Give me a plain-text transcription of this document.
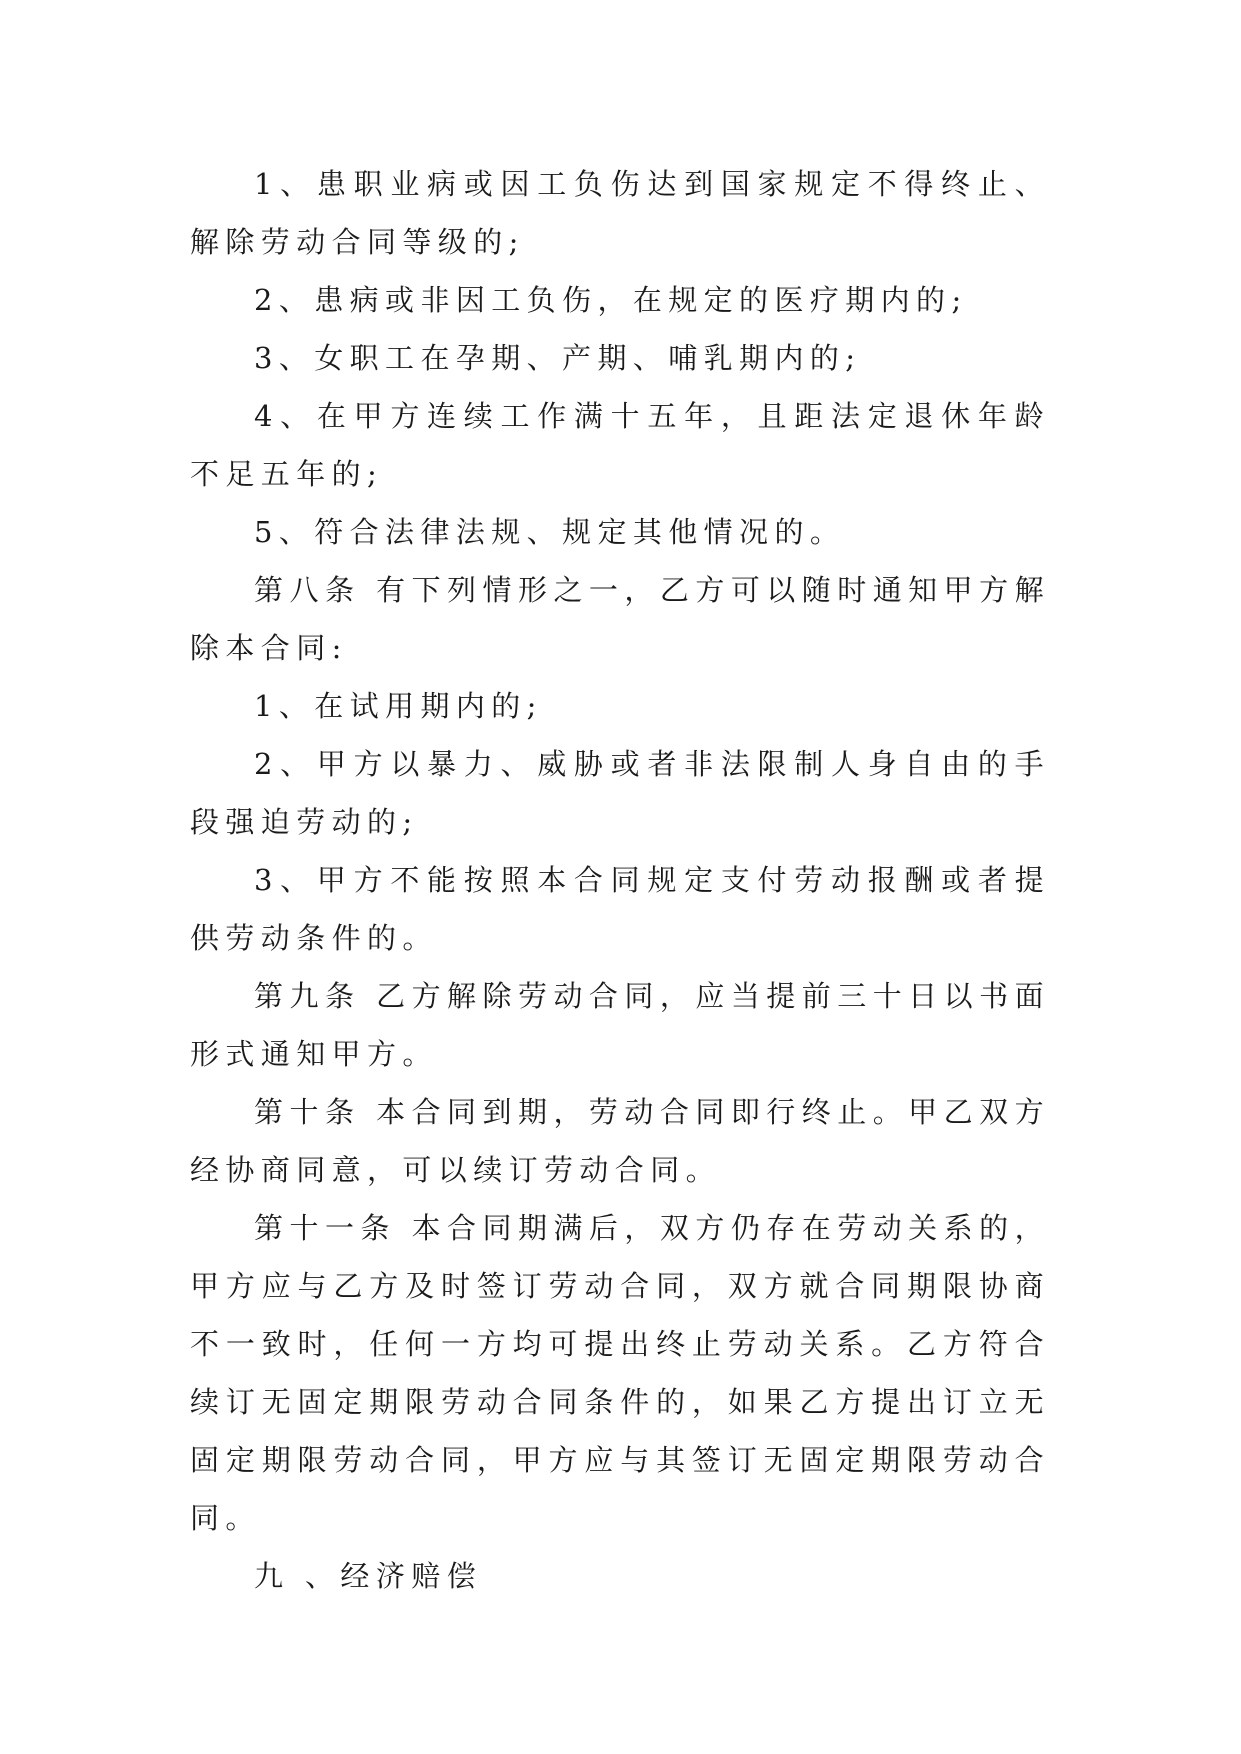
1、患职业病或因工负伤达到国家规定不得终止、解除劳动合同等级的;

2、患病或非因工负伤，在规定的医疗期内的;

3、女职工在孕期、产期、哺乳期内的;

4、在甲方连续工作满十五年，且距法定退休年龄不足五年的;

5、符合法律法规、规定其他情况的。

第八条 有下列情形之一，乙方可以随时通知甲方解除本合同:

1、在试用期内的;

2、甲方以暴力、威胁或者非法限制人身自由的手段强迫劳动的;

3、甲方不能按照本合同规定支付劳动报酬或者提供劳动条件的。

第九条 乙方解除劳动合同，应当提前三十日以书面形式通知甲方。

第十条 本合同到期，劳动合同即行终止。甲乙双方经协商同意，可以续订劳动合同。

第十一条 本合同期满后，双方仍存在劳动关系的，甲方应与乙方及时签订劳动合同，双方就合同期限协商不一致时，任何一方均可提出终止劳动关系。乙方符合续订无固定期限劳动合同条件的，如果乙方提出订立无固定期限劳动合同，甲方应与其签订无固定期限劳动合同。

九 、经济赔偿
